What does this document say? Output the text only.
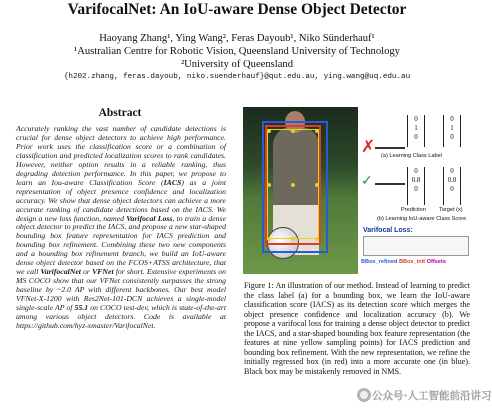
VarifocalNet: An IoU-aware Dense Object Detector
Haoyang Zhang¹, Ying Wang², Feras Dayoub¹, Niko Sünderhauf¹
¹Australian Centre for Robotic Vision, Queensland University of Technology
²University of Queensland
{h202.zhang, feras.dayoub, niko.suenderhauf}@qut.edu.au, ying.wang@uq.edu.au
Abstract
Accurately ranking the vast number of candidate detections is crucial for dense object detectors to achieve high performance. Prior work uses the classification score or a combination of classification and predicted localization scores to rank candidates. However, neither option results in a reliable ranking, thus degrading detection performance. In this paper, we propose to learn an Iou-aware Classification Score (IACS) as a joint representation of object presence confidence and localization accuracy. We show that dense object detectors can achieve a more accurate ranking of candidate detections based on the IACS. We design a new loss function, named Varifocal Loss, to train a dense object detector to predict the IACS, and propose a new star-shaped bounding box feature representation for IACS prediction and bounding box refinement. Combining these two new components and a bounding box refinement branch, we build an IoU-aware dense object detector based on the FCOS+ATSS architecture, that we call VarifocalNet or VFNet for short. Extensive experiments on MS COCO show that our VFNet consistently surpasses the strong baseline by ~2.0 AP with different backbones. Our best model VFNet-X-1200 with Res2Net-101-DCN achieves a single-model single-scale AP of 55.1 on COCO test-dev, which is state-of-the-art among various object detectors. Code is available at https://github.com/hyz-xmaster/VarifocalNet.
✗
0
1
0
0
1
0
(a) Learning Class Label
✓
0
0.8
0
0
0.8
0
Prediction Target (x)
(b) Learning IoU-aware Class Score
Varifocal Loss:
BBox_refined BBox_init Offsets
Figure 1: An illustration of our method. Instead of learning to predict the class label (a) for a bounding box, we learn the IoU-aware classification score (IACS) as its detection score which merges the object presence confidence and localization accuracy (b). We propose a varifocal loss for training a dense object detector to predict the IACS, and a star-shaped bounding box feature representation (the features at nine yellow sampling points) for IACS prediction and bounding box refinement. With the new representation, we refine the initially regressed box (in red) into a more accurate one (in blue). Black box may be mistakenly removed in NMS.
公众号·人工智能前沿讲习
